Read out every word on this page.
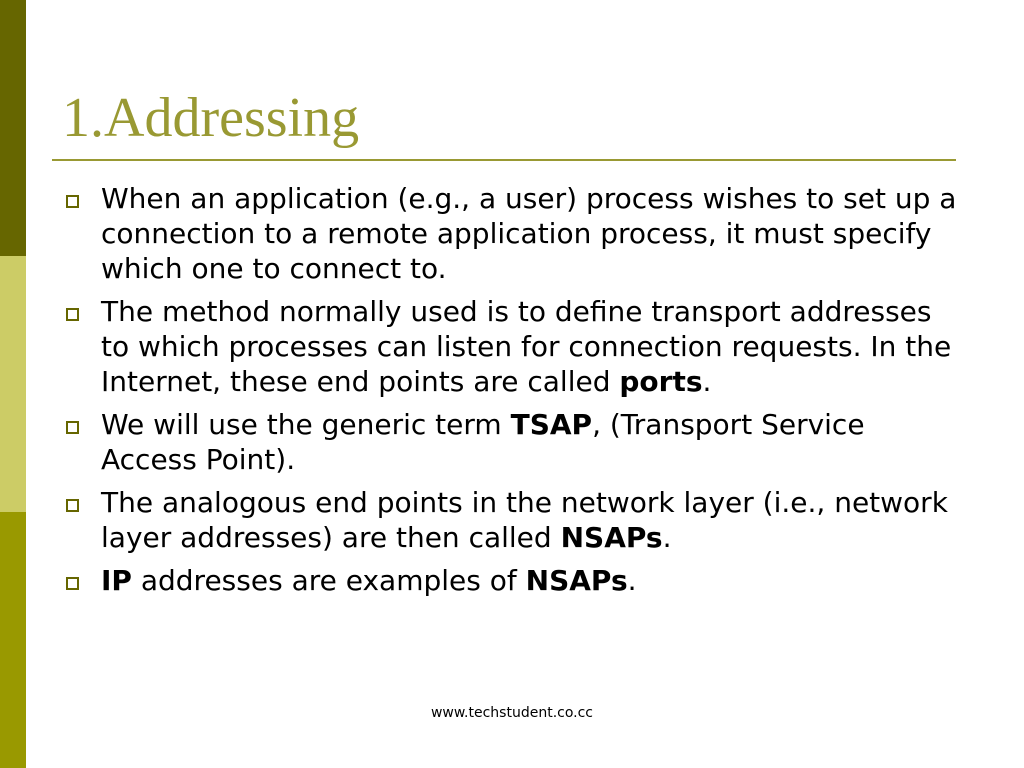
1.Addressing
When an application (e.g., a user) process wishes to set up a connection to a remote application process, it must specify which one to connect to.
The method normally used is to define transport addresses to which processes can listen for connection requests. In the Internet, these end points are called ports.
We will use the generic term TSAP, (Transport Service Access Point).
The analogous end points in the network layer (i.e., network layer addresses) are then called NSAPs.
IP addresses are examples of NSAPs.
www.techstudent.co.cc
